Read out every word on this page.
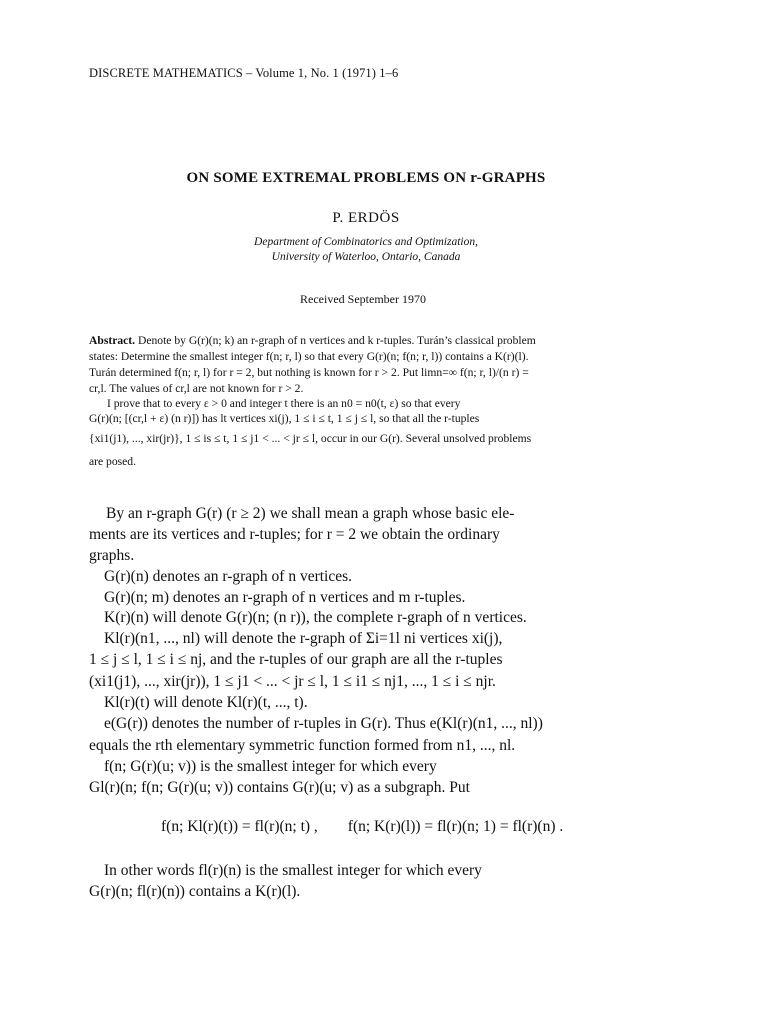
DISCRETE MATHEMATICS – Volume 1, No. 1 (1971) 1–6
ON SOME EXTREMAL PROBLEMS ON r-GRAPHS
P. ERDÖS
Department of Combinatorics and Optimization,
University of Waterloo, Ontario, Canada
Received September 1970
Abstract. Denote by G(r)(n; k) an r-graph of n vertices and k r-tuples. Turán’s classical problem
states: Determine the smallest integer f(n; r, l) so that every G(r)(n; f(n; r, l)) contains a K(r)(l).
Turán determined f(n; r, l) for r = 2, but nothing is known for r > 2. Put limn=∞ f(n; r, l)/(n r) =
cr,l. The values of cr,l are not known for r > 2.
I prove that to every ε > 0 and integer t there is an n0 = n0(t, ε) so that every
G(r)(n; [(cr,l + ε) (n r)]) has lt vertices xi(j), 1 ≤ i ≤ t, 1 ≤ j ≤ l, so that all the r-tuples
{xi1(j1), ..., xir(jr)}, 1 ≤ is ≤ t, 1 ≤ j1 < ... < jr ≤ l, occur in our G(r). Several unsolved problems
are posed.
By an r-graph G(r) (r ≥ 2) we shall mean a graph whose basic ele-
ments are its vertices and r-tuples; for r = 2 we obtain the ordinary
graphs.
G(r)(n) denotes an r-graph of n vertices.
G(r)(n; m) denotes an r-graph of n vertices and m r-tuples.
K(r)(n) will denote G(r)(n; (n r)), the complete r-graph of n vertices.
Kl(r)(n1, ..., nl) will denote the r-graph of Σi=1l ni vertices xi(j),
1 ≤ j ≤ l, 1 ≤ i ≤ nj, and the r-tuples of our graph are all the r-tuples
(xi1(j1), ..., xir(jr)), 1 ≤ j1 < ... < jr ≤ l, 1 ≤ i1 ≤ nj1, ..., 1 ≤ i ≤ njr.
Kl(r)(t) will denote Kl(r)(t, ..., t).
e(G(r)) denotes the number of r-tuples in G(r). Thus e(Kl(r)(n1, ..., nl))
equals the rth elementary symmetric function formed from n1, ..., nl.
f(n; G(r)(u; v)) is the smallest integer for which every
Gl(r)(n; f(n; G(r)(u; v)) contains G(r)(u; v) as a subgraph. Put
f(n; Kl(r)(t)) = fl(r)(n; t) , f(n; K(r)(l)) = fl(r)(n; 1) = fl(r)(n) .
In other words fl(r)(n) is the smallest integer for which every
G(r)(n; fl(r)(n)) contains a K(r)(l).
